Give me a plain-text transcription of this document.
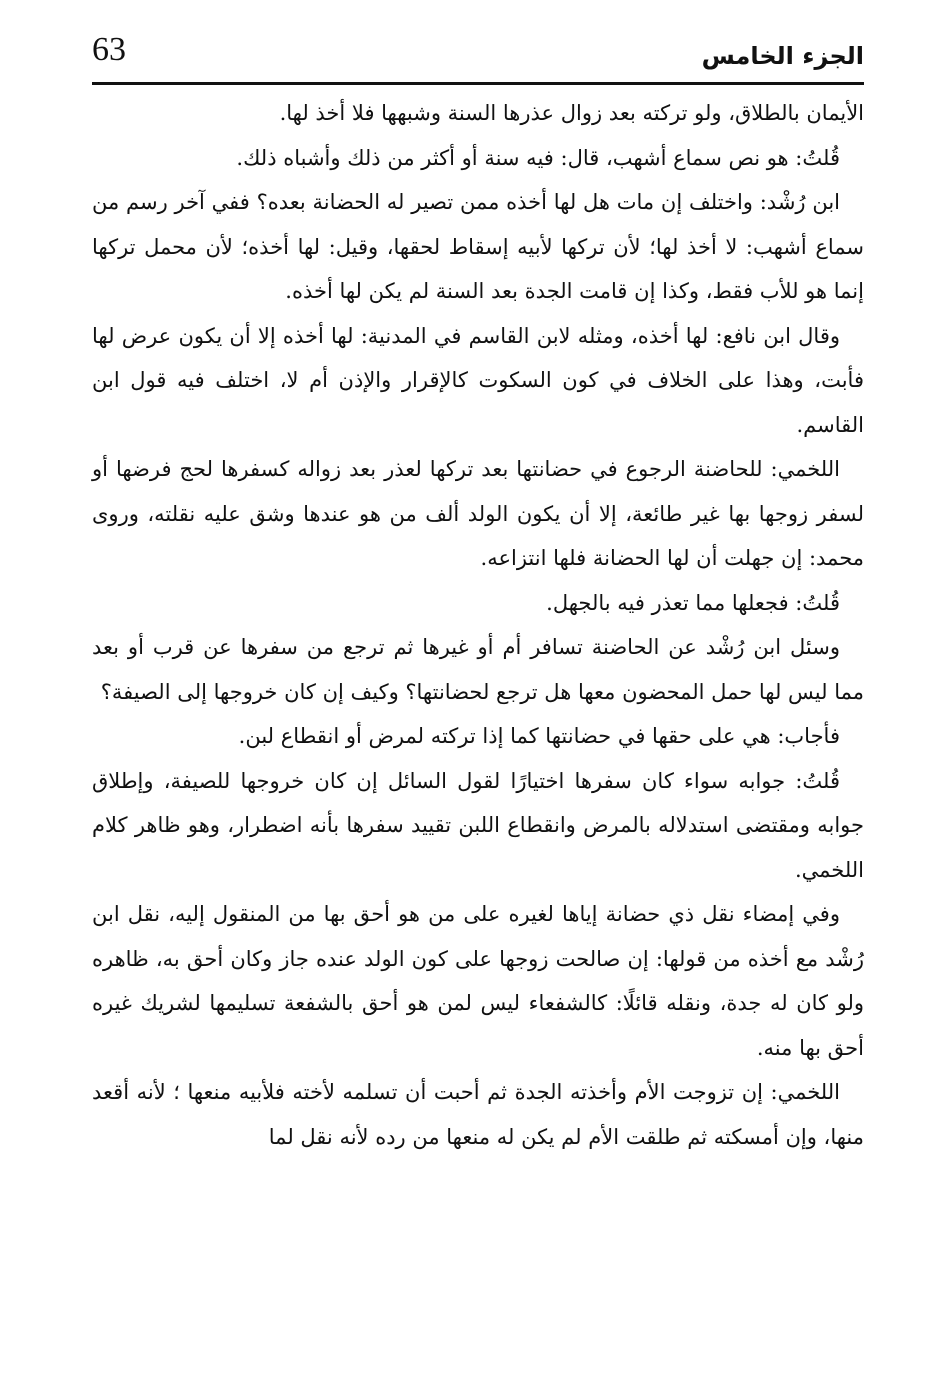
63	الجزء الخامس

الأيمان بالطلاق، ولو تركته بعد زوال عذرها السنة وشبهها فلا أخذ لها.

قُلتُ: هو نص سماع أشهب، قال: فيه سنة أو أكثر من ذلك وأشباه ذلك.

ابن رُشْد: واختلف إن مات هل لها أخذه ممن تصير له الحضانة بعده؟ ففي آخر رسم من سماع أشهب: لا أخذ لها؛ لأن تركها لأبيه إسقاط لحقها، وقيل: لها أخذه؛ لأن محمل تركها إنما هو للأب فقط، وكذا إن قامت الجدة بعد السنة لم يكن لها أخذه.

وقال ابن نافع: لها أخذه، ومثله لابن القاسم في المدنية: لها أخذه إلا أن يكون عرض لها فأبت، وهذا على الخلاف في كون السكوت كالإقرار والإذن أم لا، اختلف فيه قول ابن القاسم.

اللخمي: للحاضنة الرجوع في حضانتها بعد تركها لعذر بعد زواله كسفرها لحج فرضها أو لسفر زوجها بها غير طائعة، إلا أن يكون الولد ألف من هو عندها وشق عليه نقلته، وروى محمد: إن جهلت أن لها الحضانة فلها انتزاعه.

قُلتُ: فجعلها مما تعذر فيه بالجهل.

وسئل ابن رُشْد عن الحاضنة تسافر أم أو غيرها ثم ترجع من سفرها عن قرب أو بعد مما ليس لها حمل المحضون معها هل ترجع لحضانتها؟ وكيف إن كان خروجها إلى الصيفة؟

فأجاب: هي على حقها في حضانتها كما إذا تركته لمرض أو انقطاع لبن.

قُلتُ: جوابه سواء كان سفرها اختيارًا لقول السائل إن كان خروجها للصيفة، وإطلاق جوابه ومقتضى استدلاله بالمرض وانقطاع اللبن تقييد سفرها بأنه اضطرار، وهو ظاهر كلام اللخمي.

وفي إمضاء نقل ذي حضانة إياها لغيره على من هو أحق بها من المنقول إليه، نقل ابن رُشْد مع أخذه من قولها: إن صالحت زوجها على كون الولد عنده جاز وكان أحق به، ظاهره ولو كان له جدة، ونقله قائلًا: كالشفعاء ليس لمن هو أحق بالشفعة تسليمها لشريك غيره أحق بها منه.

اللخمي: إن تزوجت الأم وأخذته الجدة ثم أحبت أن تسلمه لأخته فلأبيه منعها ؛ لأنه أقعد منها، وإن أمسكته ثم طلقت الأم لم يكن له منعها من رده لأنه نقل لما
